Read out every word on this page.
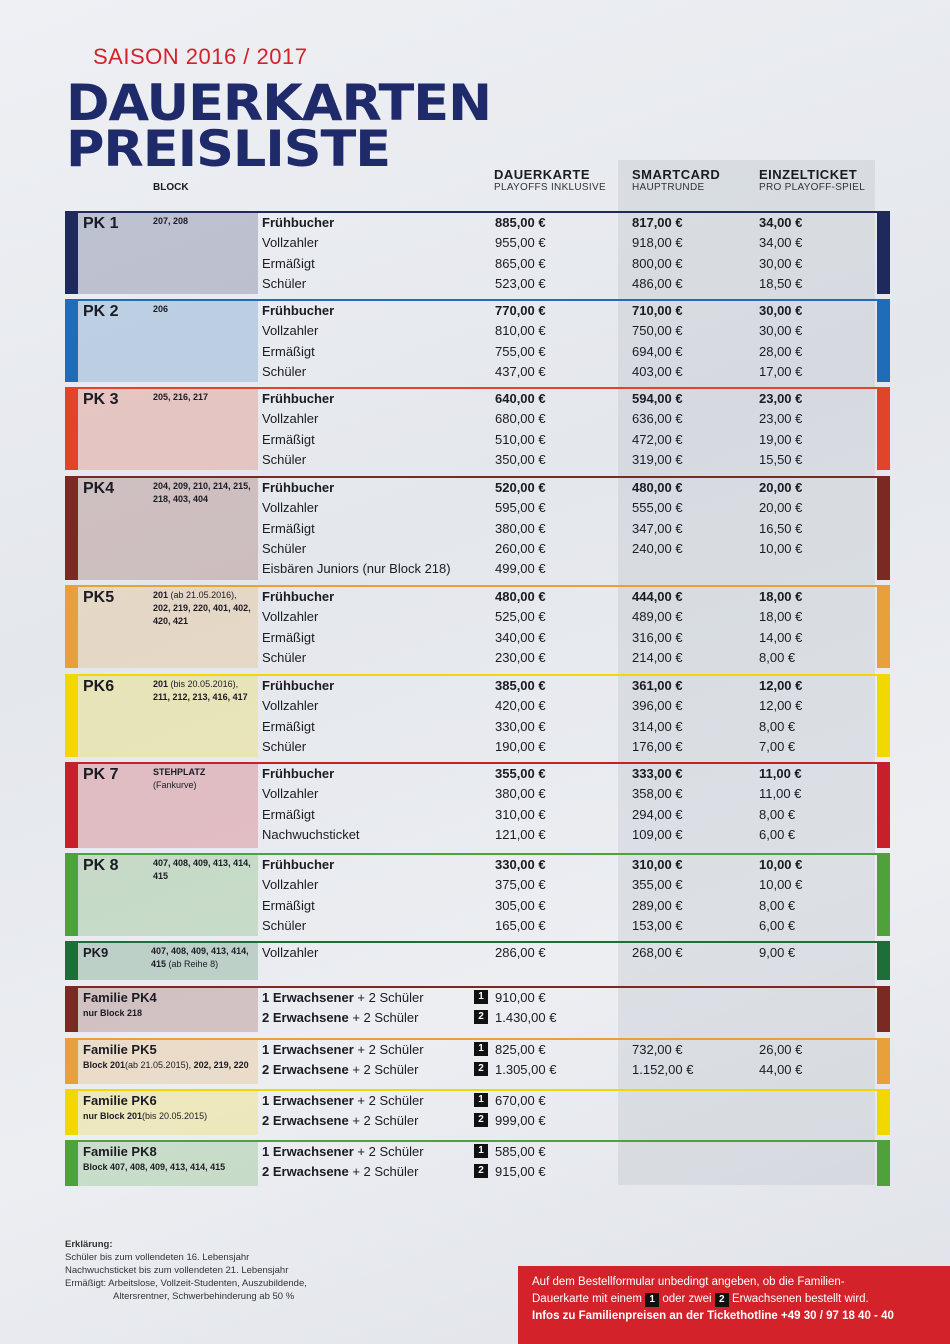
SAISON 2016 / 2017
DAUERKARTEN
PREISLISTE
BLOCK
DAUERKARTE
PLAYOFFS INKLUSIVE
SMARTCARD
HAUPTRUNDE
EINZELTICKET
PRO PLAYOFF-SPIEL
PK 1	207, 208	Frühbucher	885,00 €	817,00 €	34,00 €
Vollzahler	955,00 €	918,00 €	34,00 €
Ermäßigt	865,00 €	800,00 €	30,00 €
Schüler	523,00 €	486,00 €	18,50 €
PK 2	206	Frühbucher	770,00 €	710,00 €	30,00 €
Vollzahler	810,00 €	750,00 €	30,00 €
Ermäßigt	755,00 €	694,00 €	28,00 €
Schüler	437,00 €	403,00 €	17,00 €
PK 3	205, 216, 217	Frühbucher	640,00 €	594,00 €	23,00 €
Vollzahler	680,00 €	636,00 €	23,00 €
Ermäßigt	510,00 €	472,00 €	19,00 €
Schüler	350,00 €	319,00 €	15,50 €
PK4	204, 209, 210, 214, 215, 218, 403, 404
Frühbucher	520,00 €	480,00 €	20,00 €
Vollzahler	595,00 €	555,00 €	20,00 €
Ermäßigt	380,00 €	347,00 €	16,50 €
Schüler	260,00 €	240,00 €	10,00 €
Eisbären Juniors (nur Block 218)	499,00 €
PK5	201 (ab 21.05.2016),
202, 219, 220, 401, 402, 420, 421
Frühbucher	480,00 €	444,00 €	18,00 €
Vollzahler	525,00 €	489,00 €	18,00 €
Ermäßigt	340,00 €	316,00 €	14,00 €
Schüler	230,00 €	214,00 €	8,00 €
PK6	201 (bis 20.05.2016),
211, 212, 213, 416, 417
Frühbucher	385,00 €	361,00 €	12,00 €
Vollzahler	420,00 €	396,00 €	12,00 €
Ermäßigt	330,00 €	314,00 €	8,00 €
Schüler	190,00 €	176,00 €	7,00 €
PK 7	STEHPLATZ
(Fankurve)
Frühbucher	355,00 €	333,00 €	11,00 €
Vollzahler	380,00 €	358,00 €	11,00 €
Ermäßigt	310,00 €	294,00 €	8,00 €
Nachwuchsticket	121,00 €	109,00 €	6,00 €
PK 8	407, 408, 409, 413, 414, 415
Frühbucher	330,00 €	310,00 €	10,00 €
Vollzahler	375,00 €	355,00 €	10,00 €
Ermäßigt	305,00 €	289,00 €	8,00 €
Schüler	165,00 €	153,00 €	6,00 €
PK9	407, 408, 409, 413, 414, 415 (ab Reihe 8)
Vollzahler	286,00 €	268,00 €	9,00 €
Familie PK4
nur Block 218
1 Erwachsener + 2 Schüler	1 910,00 €
2 Erwachsene + 2 Schüler	2 1.430,00 €
Familie PK5
Block 201(ab 21.05.2015), 202, 219, 220
1 Erwachsener + 2 Schüler	1 825,00 €	732,00 €	26,00 €
2 Erwachsene + 2 Schüler	2 1.305,00 €	1.152,00 €	44,00 €
Familie PK6
nur Block 201(bis 20.05.2015)
1 Erwachsener + 2 Schüler	1 670,00 €
2 Erwachsene + 2 Schüler	2 999,00 €
Familie PK8
Block 407, 408, 409, 413, 414, 415
1 Erwachsener + 2 Schüler	1 585,00 €
2 Erwachsene + 2 Schüler	2 915,00 €
Erklärung:
Schüler bis zum vollendeten 16. Lebensjahr
Nachwuchsticket bis zum vollendeten 21. Lebensjahr
Ermäßigt: Arbeitslose, Vollzeit-Studenten, Auszubildende,
Altersrentner, Schwerbehinderung ab 50 %
Auf dem Bestellformular unbedingt angeben, ob die Familien-
Dauerkarte mit einem 1 oder zwei 2 Erwachsenen bestellt wird.
Infos zu Familienpreisen an der Tickethotline +49 30 / 97 18 40 - 40
